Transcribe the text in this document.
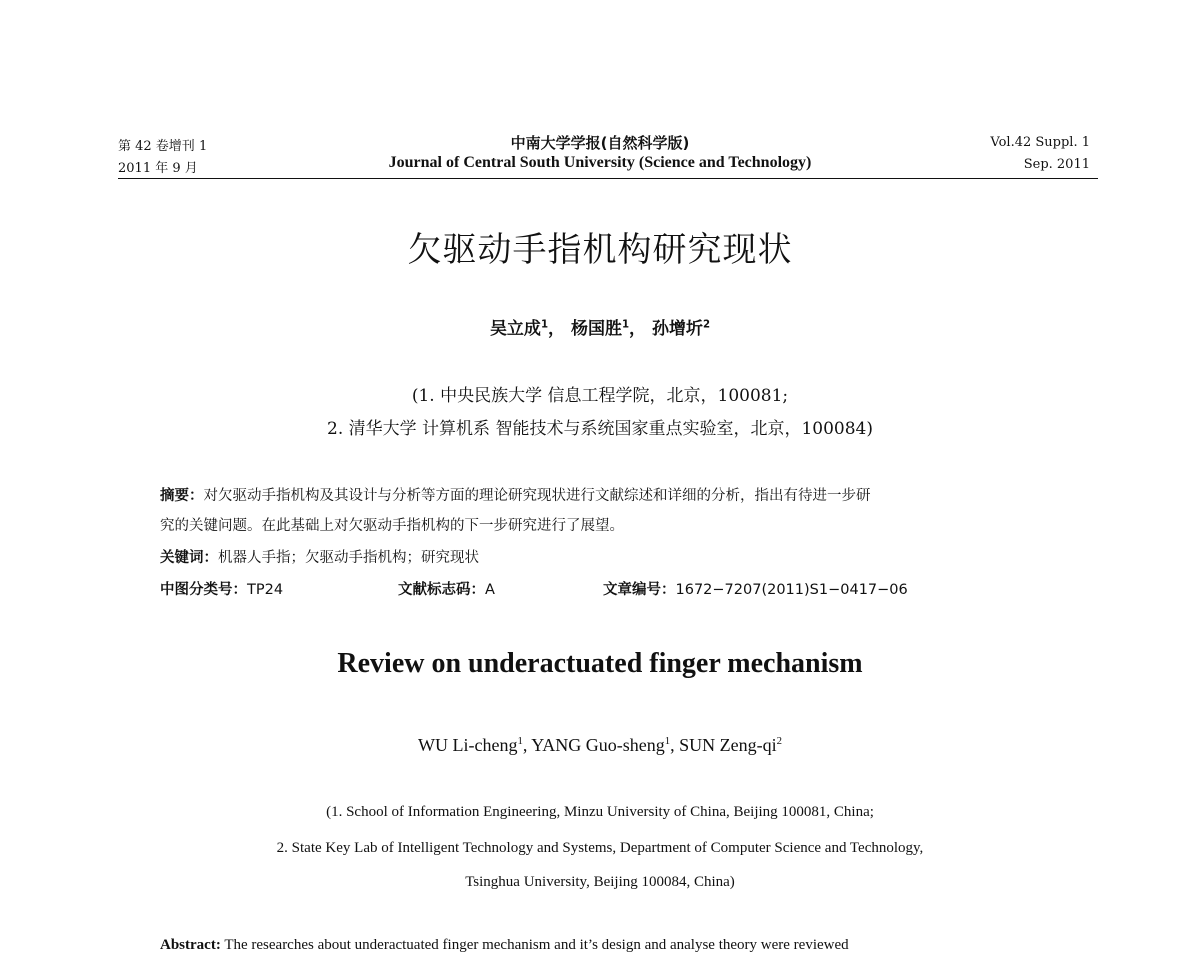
第 42 卷增刊 1
2011 年 9 月
中南大学学报(自然科学版)
Journal of Central South University (Science and Technology)
Vol.42 Suppl. 1
Sep. 2011
欠驱动手指机构研究现状
吴立成$^1$， 杨国胜$^1$， 孙增圻$^2$
(1. 中央民族大学 信息工程学院，北京，100081;
2. 清华大学 计算机系 智能技术与系统国家重点实验室，北京，100084)
摘要：对欠驱动手指机构及其设计与分析等方面的理论研究现状进行文献综述和详细的分析，指出有待进一步研
究的关键问题。在此基础上对欠驱动手指机构的下一步研究进行了展望。
关键词：机器人手指；欠驱动手指机构；研究现状
中图分类号：TP24	文献标志码：A	文章编号：1672−7207(2011)S1−0417−06
Review on underactuated finger mechanism
WU Li-cheng$^1$, YANG Guo-sheng$^1$, SUN Zeng-$qi^2$
(1. School of Information Engineering, Minzu University of China, Beijing 100081, China;
2. State Key Lab of Intelligent Technology and Systems, Department of Computer Science and Technology,
Tsinghua University, Beijing 100084, China)
Abstract: The researches about underactuated finger mechanism and it’s design and analyse theory were reviewed
